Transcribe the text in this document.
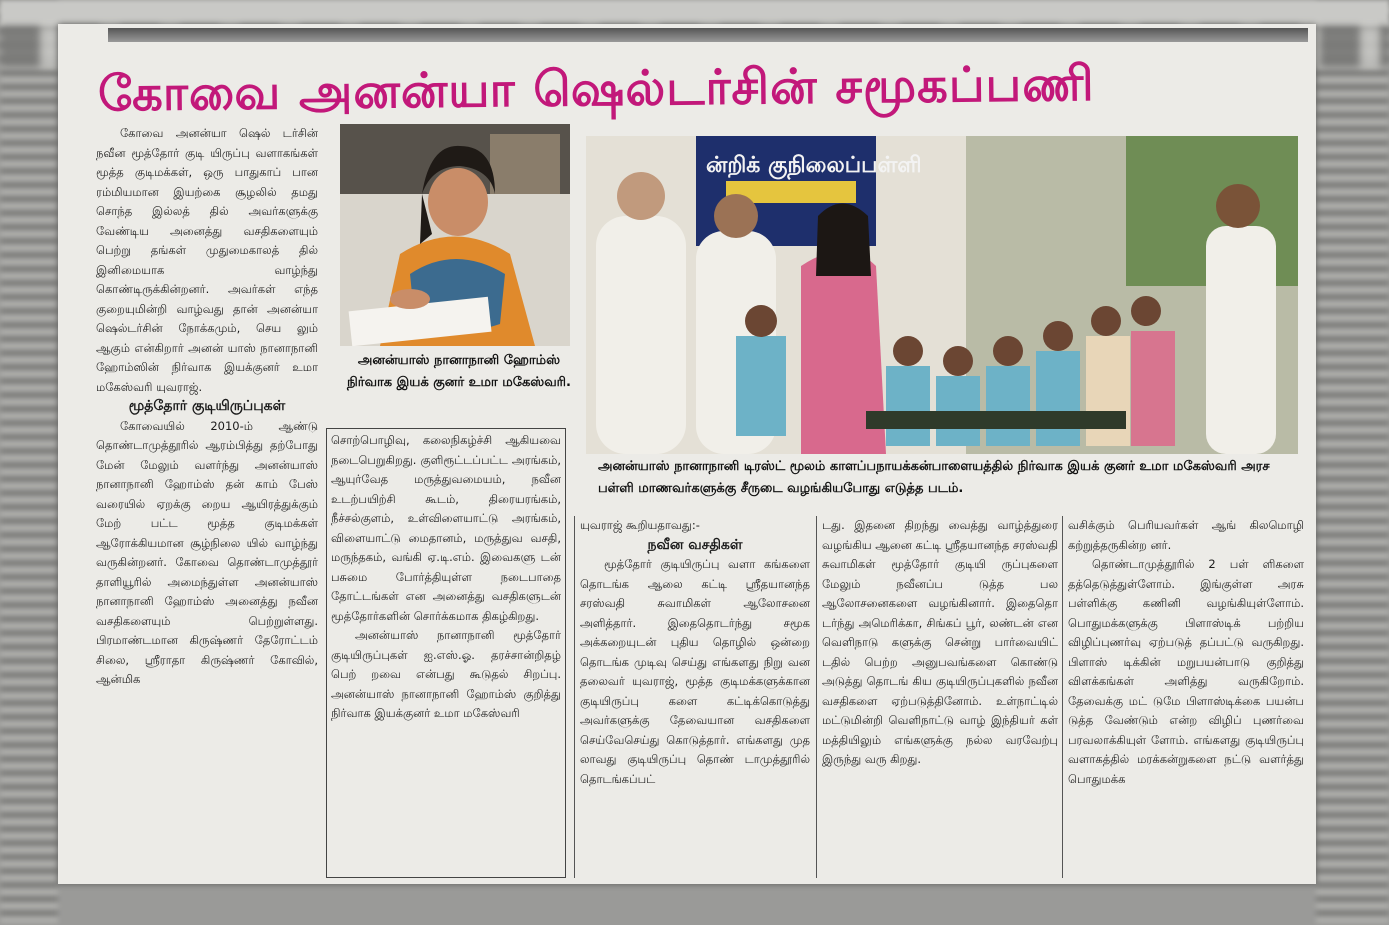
கோவை அனன்யா ஷெல்டர்சின் சமூகப்பணி
அனன்யாஸ் நானாநானி ஹோம்ஸ் நிர்வாக இயக் குனர் உமா மகேஸ்வரி.
ன்றிக் குநிலைப்பள்ளி
அனன்யாஸ் நானாநானி டிரஸ்ட் மூலம் காளப்பநாயக்கன்பாளையத்தில் நிர்வாக இயக் குனர் உமா மகேஸ்வரி அரச பள்ளி மாணவர்களுக்கு சீருடை வழங்கியபோது எடுத்த படம்.

கோவை அனன்யா ஷெல் டர்சின் நவீன மூத்தோர் குடி யிருப்பு வளாகங்கள் மூத்த குடிமக்கள், ஒரு பாதுகாப் பான ரம்மியமான இயற்கை சூழலில் தமது சொந்த இல்லத் தில் அவர்களுக்கு வேண்டிய அனைத்து வசதிகளையும் பெற்று தங்கள் முதுமைகாலத் தில் இனிமையாக வாழ்ந்து கொண்டிருக்கின்றனர். அவர்கள் எந்த குறையுமின்றி வாழ்வது தான் அனன்யா ஷெல்டர்சின் நோக்கமும், செய லும் ஆகும் என்கிறார் அனன் யாஸ் நானாநானி ஹோம்ஸின் நிர்வாக இயக்குனர் உமா மகேஸ்வரி யுவராஜ்.

மூத்தோர் குடியிருப்புகள்

கோவையில் 2010-ம் ஆண்டு தொண்டாமுத்தூரில் ஆரம்பித்து தற்போது மேன் மேலும் வளர்ந்து அனன்யாஸ் நானாநானி ஹோம்ஸ் தன் காம் பேஸ் வரையில் ஏறக்கு றைய ஆயிரத்துக்கும் மேற் பட்ட மூத்த குடிமக்கள் ஆரோக்கியமான சூழ்நிலை யில் வாழ்ந்து வருகின்றனர். கோவை தொண்டாமுத்தூர் தாளியூரில் அமைந்துள்ள அனன்யாஸ் நானாநானி ஹோம்ஸ் அனைத்து நவீன வசதிகளையும் பெற்றுள்ளது. பிரமாண்டமான கிருஷ்ணர் தேரோட்டம் சிலை, ஸ்ரீராதா கிருஷ்ணர் கோவில், ஆன்மிக

சொற்பொழிவு, கலைநிகழ்ச்சி ஆகியவை நடைபெறுகிறது. குளிரூட்டப்பட்ட அரங்கம், ஆயுர்வேத மருத்துவமையம், நவீன உடற்பயிற்சி கூடம், திரையரங்கம், நீச்சல்குளம், உள்விளையாட்டு அரங்கம், விளையாட்டு மைதானம், மருத்துவ வசதி, மருந்தகம், வங்கி ஏ.டி.எம். இவைகளு டன் பசுமை போர்த்தியுள்ள நடைபாதை தோட்டங்கள் என அனைத்து வசதிகளுடன் மூத்தோர்களின் சொர்க்கமாக திகழ்கிறது.

அனன்யாஸ் நானாநானி மூத்தோர் குடியிருப்புகள் ஐ.எஸ்.ஓ. தரச்சான்றிதழ் பெற் றவை என்பது கூடுதல் சிறப்பு. அனன்யாஸ் நானாநானி ஹோம்ஸ் குறித்து நிர்வாக இயக்குனர் உமா மகேஸ்வரி

யுவராஜ் கூறியதாவது:-

நவீன வசதிகள்

மூத்தோர் குடியிருப்பு வளா கங்களை தொடங்க ஆலை கட்டி ஸ்ரீதயானந்த சரஸ்வதி சுவாமிகள் ஆலோசனை அளித்தார். இதைதொடர்ந்து சமூக அக்கறையுடன் புதிய தொழில் ஒன்றை தொடங்க முடிவு செய்து எங்களது நிறு வன தலைவர் யுவராஜ், மூத்த குடிமக்களுக்கான குடியிருப்பு களை கட்டிக்கொடுத்து அவர்களுக்கு தேவையான வசதிகளை செய்வேசெய்து கொடுத்தார். எங்களது முத லாவது குடியிருப்பு தொண் டாமுத்தூரில் தொடங்கப்பட்

டது. இதனை திறந்து வைத்து வாழ்த்துரை வழங்கிய ஆனை கட்டி ஸ்ரீதயானந்த சரஸ்வதி சுவாமிகள் மூத்தோர் குடியி ருப்புகளை மேலும் நவீனப்ப டுத்த பல ஆலோசனைகளை வழங்கினார். இதைதொ டர்ந்து அமெரிக்கா, சிங்கப் பூர், லண்டன் என வெளிநாடு களுக்கு சென்று பார்வையிட் டதில் பெற்ற அனுபவங்களை கொண்டு அடுத்து தொடங் கிய குடியிருப்புகளில் நவீன வசதிகளை ஏற்படுத்தினோம். உள்நாட்டில் மட்டுமின்றி வெளிநாட்டு வாழ் இந்தியர் கள் மத்தியிலும் எங்களுக்கு நல்ல வரவேற்பு இருந்து வரு கிறது.

வசிக்கும் பெரியவர்கள் ஆங் கிலமொழி கற்றுத்தருகின்ற னர்.

தொண்டாமுத்தூரில் 2 பள் ளிகளை தத்தெடுத்துள்ளோம். இங்குள்ள அரசு பள்ளிக்கு கணினி வழங்கியுள்ளோம். பொதுமக்களுக்கு பிளாஸ்டிக் பற்றிய விழிப்புணர்வு ஏற்படுத் தப்பட்டு வருகிறது. பிளாஸ் டிக்கின் மறுபயன்பாடு குறித்து விளக்கங்கள் அளித்து வருகிறோம். தேவைக்கு மட் டுமே பிளாஸ்டிக்கை பயன்ப டுத்த வேண்டும் என்ற விழிப் புணர்வை பரவலாக்கியுள் ளோம். எங்களது குடியிருப்பு வளாகத்தில் மரக்கன்றுகளை நட்டு வளர்த்து பொதுமக்க
